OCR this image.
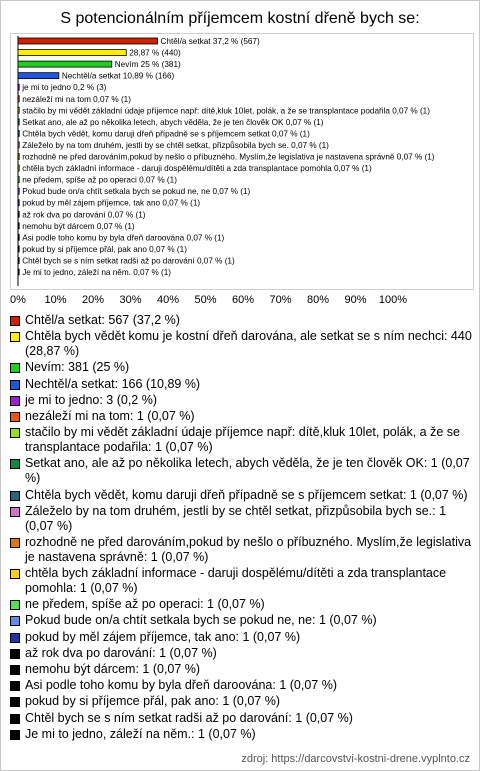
S potencionálním příjemcem kostní dřeně bych se:
Chtěl/a setkat 37,2 % (567)
28,87 % (440)
Nevím 25 % (381)
Nechtěl/a setkat 10,89 % (166)
je mi to jedno 0,2 % (3)
nezáleží mi na tom 0,07 % (1)
stačilo by mi vědět základní údaje příjemce např: dítě,kluk 10let, polák, a že se transplantace podařila 0,07 % (1)
Setkat ano, ale až po několika letech, abych věděla, že je ten člověk OK 0,07 % (1)
Chtěla bych vědět, komu daruji dřeň případně se s příjemcem setkat 0,07 % (1)
Záleželo by na tom druhém, jestli by se chtěl setkat, přizpůsobila bych se. 0,07 % (1)
rozhodně ne před darováním,pokud by nešlo o příbuzného. Myslím,že legislativa je nastavena správně 0,07 % (1)
chtěla bych základní informace - daruji dospělému/dítěti a zda transplantace pomohla 0,07 % (1)
ne předem, spíše až po operaci 0,07 % (1)
Pokud bude on/a chtít setkala bych se pokud ne, ne 0,07 % (1)
pokud by měl zájem příjemce, tak ano 0,07 % (1)
až rok dva po darování 0,07 % (1)
nemohu být dárcem 0,07 % (1)
Asi podle toho komu by byla dřeň daroována 0,07 % (1)
pokud by si příjemce přál, pak ano 0,07 % (1)
Chtěl bych se s ním setkat radši až po darování 0,07 % (1)
Je mi to jedno, záleží na něm. 0,07 % (1)
0% 10% 20% 30% 40% 50% 60% 70% 80% 90% 100%
Chtěl/a setkat: 567 (37,2 %)
Chtěla bych vědět komu je kostní dřeň darována, ale setkat se s ním nechci: 440 (28,87 %)
Nevím: 381 (25 %)
Nechtěl/a setkat: 166 (10,89 %)
je mi to jedno: 3 (0,2 %)
nezáleží mi na tom: 1 (0,07 %)
stačilo by mi vědět základní údaje příjemce např: dítě,kluk 10let, polák, a že se transplantace podařila: 1 (0,07 %)
Setkat ano, ale až po několika letech, abych věděla, že je ten člověk OK: 1 (0,07 %)
Chtěla bych vědět, komu daruji dřeň případně se s příjemcem setkat: 1 (0,07 %)
Záleželo by na tom druhém, jestli by se chtěl setkat, přizpůsobila bych se.: 1 (0,07 %)
rozhodně ne před darováním,pokud by nešlo o příbuzného. Myslím,že legislativa je nastavena správně: 1 (0,07 %)
chtěla bych základní informace - daruji dospělému/dítěti a zda transplantace pomohla: 1 (0,07 %)
ne předem, spíše až po operaci: 1 (0,07 %)
Pokud bude on/a chtít setkala bych se pokud ne, ne: 1 (0,07 %)
pokud by měl zájem příjemce, tak ano: 1 (0,07 %)
až rok dva po darování: 1 (0,07 %)
nemohu být dárcem: 1 (0,07 %)
Asi podle toho komu by byla dřeň daroována: 1 (0,07 %)
pokud by si příjemce přál, pak ano: 1 (0,07 %)
Chtěl bych se s ním setkat radši až po darování: 1 (0,07 %)
Je mi to jedno, záleží na něm.: 1 (0,07 %)
zdroj: https://darcovstvi-kostni-drene.vyplnto.cz
